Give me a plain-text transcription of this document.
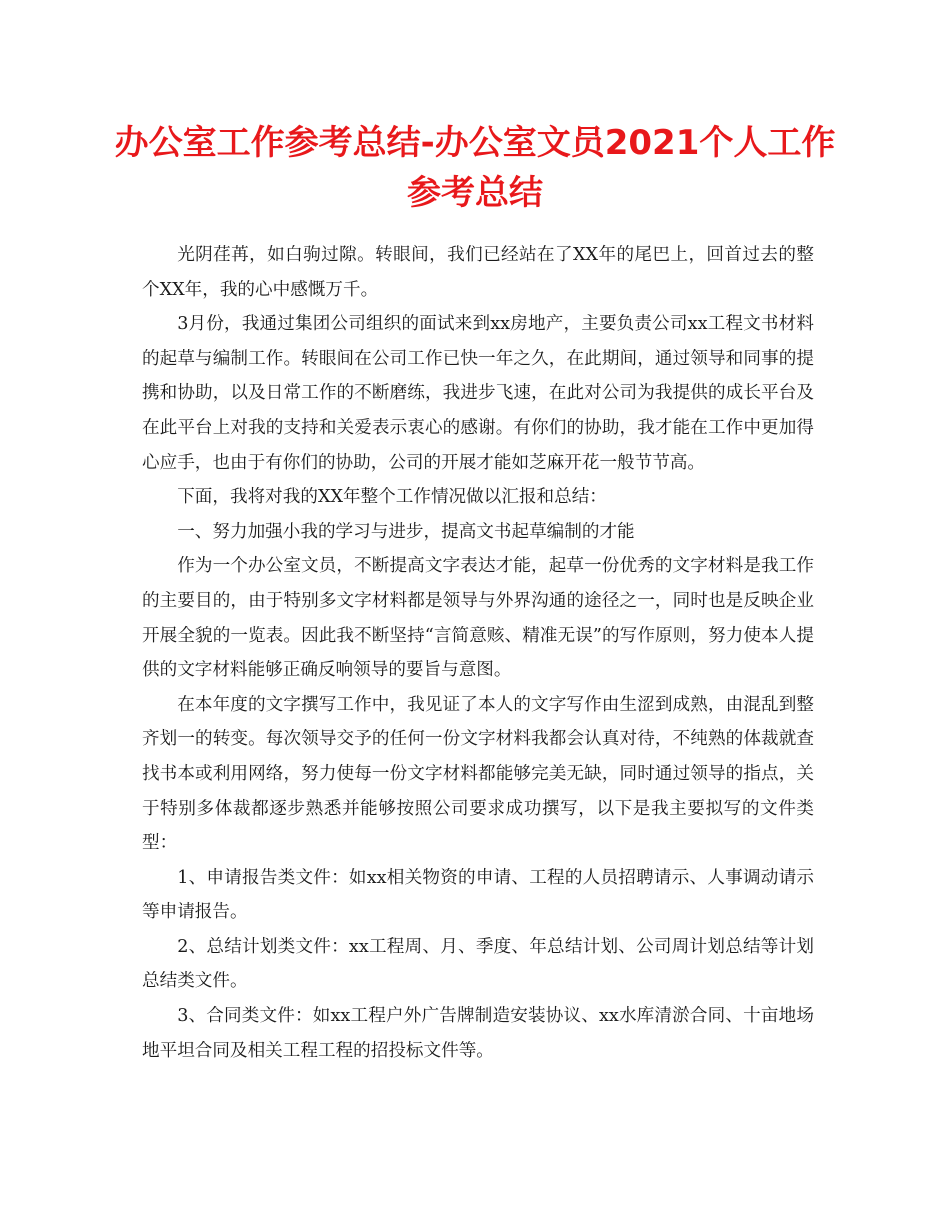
办公室工作参考总结-办公室文员2021个人工作参考总结

光阴荏苒，如白驹过隙。转眼间，我们已经站在了XX年的尾巴上，回首过去的整个XX年，我的心中感慨万千。

3月份，我通过集团公司组织的面试来到xx房地产，主要负责公司xx工程文书材料的起草与编制工作。转眼间在公司工作已快一年之久，在此期间，通过领导和同事的提携和协助，以及日常工作的不断磨练，我进步飞速，在此对公司为我提供的成长平台及在此平台上对我的支持和关爱表示衷心的感谢。有你们的协助，我才能在工作中更加得心应手，也由于有你们的协助，公司的开展才能如芝麻开花一般节节高。

下面，我将对我的XX年整个工作情况做以汇报和总结：

一、努力加强小我的学习与进步，提高文书起草编制的才能

作为一个办公室文员，不断提高文字表达才能，起草一份优秀的文字材料是我工作的主要目的，由于特别多文字材料都是领导与外界沟通的途径之一，同时也是反映企业开展全貌的一览表。因此我不断坚持“言简意赅、精准无误”的写作原则，努力使本人提供的文字材料能够正确反响领导的要旨与意图。

在本年度的文字撰写工作中，我见证了本人的文字写作由生涩到成熟，由混乱到整齐划一的转变。每次领导交予的任何一份文字材料我都会认真对待，不纯熟的体裁就查找书本或利用网络，努力使每一份文字材料都能够完美无缺，同时通过领导的指点，关于特别多体裁都逐步熟悉并能够按照公司要求成功撰写，以下是我主要拟写的文件类型：

1、申请报告类文件：如xx相关物资的申请、工程的人员招聘请示、人事调动请示等申请报告。

2、总结计划类文件：xx工程周、月、季度、年总结计划、公司周计划总结等计划总结类文件。

3、合同类文件：如xx工程户外广告牌制造安装协议、xx水库清淤合同、十亩地场地平坦合同及相关工程工程的招投标文件等。
